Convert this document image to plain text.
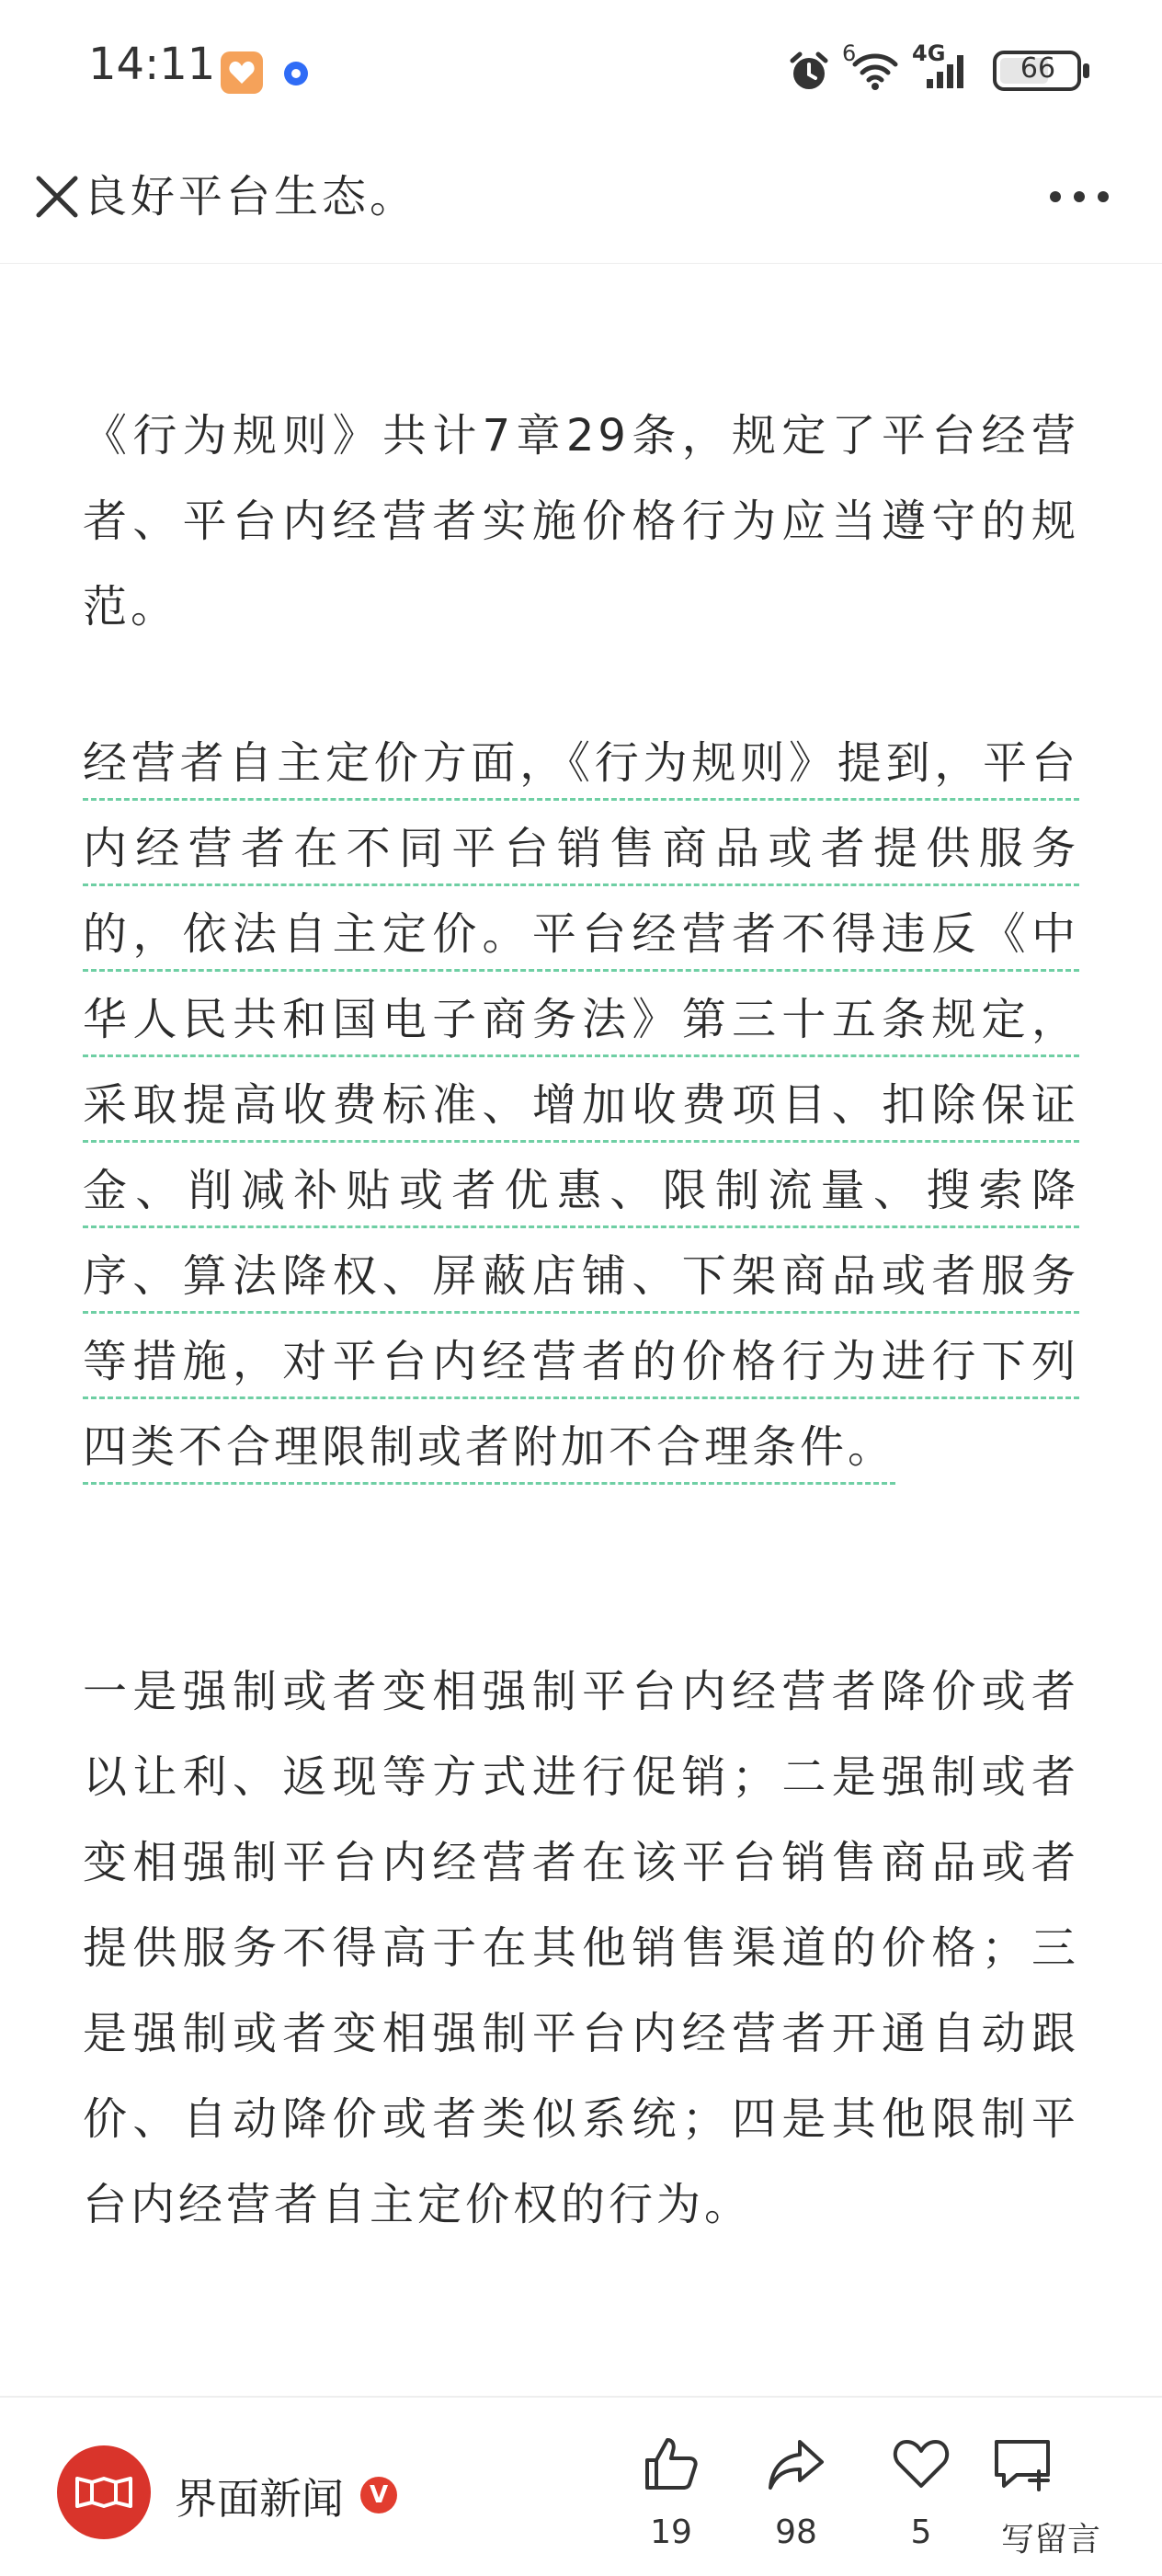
14:11	6	4G	66

良好平台生态。

《行为规则》共计7章29条，规定了平台经营者、平台内经营者实施价格行为应当遵守的规范。

经营者自主定价方面，《行为规则》提到，平台内经营者在不同平台销售商品或者提供服务的，依法自主定价。平台经营者不得违反《中华人民共和国电子商务法》第三十五条规定，采取提高收费标准、增加收费项目、扣除保证金、削减补贴或者优惠、限制流量、搜索降序、算法降权、屏蔽店铺、下架商品或者服务等措施，对平台内经营者的价格行为进行下列四类不合理限制或者附加不合理条件。

一是强制或者变相强制平台内经营者降价或者以让利、返现等方式进行促销；二是强制或者变相强制平台内经营者在该平台销售商品或者提供服务不得高于在其他销售渠道的价格；三是强制或者变相强制平台内经营者开通自动跟价、自动降价或者类似系统；四是其他限制平台内经营者自主定价权的行为。

界面新闻	V
19	98	5	写留言
